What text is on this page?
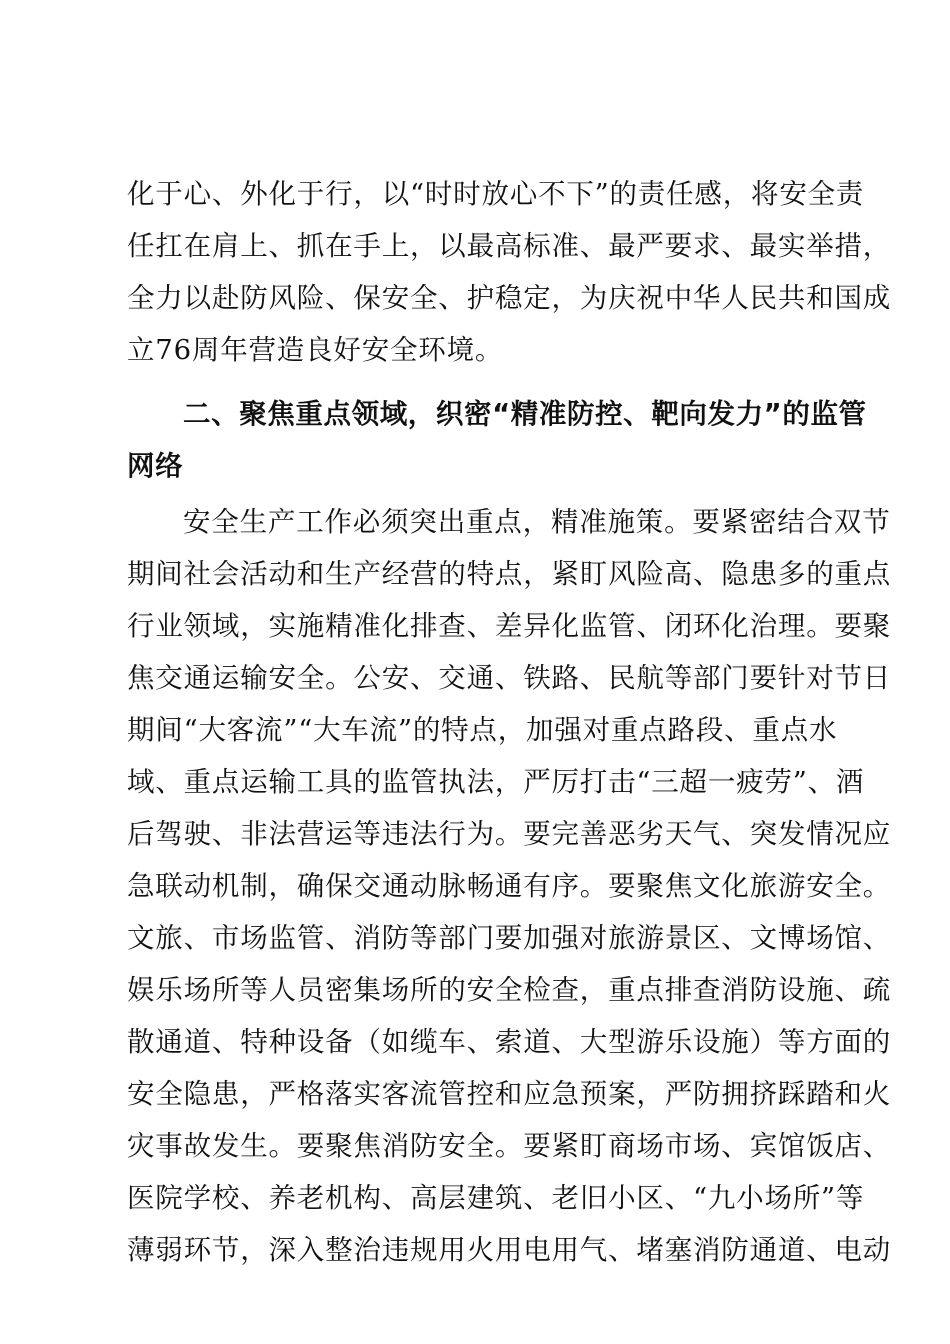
化于心、外化于行，以“时时放心不下”的责任感，将安全责
任扛在肩上、抓在手上，以最高标准、最严要求、最实举措，
全力以赴防风险、保安全、护稳定，为庆祝中华人民共和国成
立76周年营造良好安全环境。
二、聚焦重点领域，织密“精准防控、靶向发力”的监管
网络
安全生产工作必须突出重点，精准施策。要紧密结合双节
期间社会活动和生产经营的特点，紧盯风险高、隐患多的重点
行业领域，实施精准化排查、差异化监管、闭环化治理。要聚
焦交通运输安全。公安、交通、铁路、民航等部门要针对节日
期间“大客流”“大车流”的特点，加强对重点路段、重点水
域、重点运输工具的监管执法，严厉打击“三超一疲劳”、酒
后驾驶、非法营运等违法行为。要完善恶劣天气、突发情况应
急联动机制，确保交通动脉畅通有序。要聚焦文化旅游安全。
文旅、市场监管、消防等部门要加强对旅游景区、文博场馆、
娱乐场所等人员密集场所的安全检查，重点排查消防设施、疏
散通道、特种设备（如缆车、索道、大型游乐设施）等方面的
安全隐患，严格落实客流管控和应急预案，严防拥挤踩踏和火
灾事故发生。要聚焦消防安全。要紧盯商场市场、宾馆饭店、
医院学校、养老机构、高层建筑、老旧小区、“九小场所”等
薄弱环节，深入整治违规用火用电用气、堵塞消防通道、电动
